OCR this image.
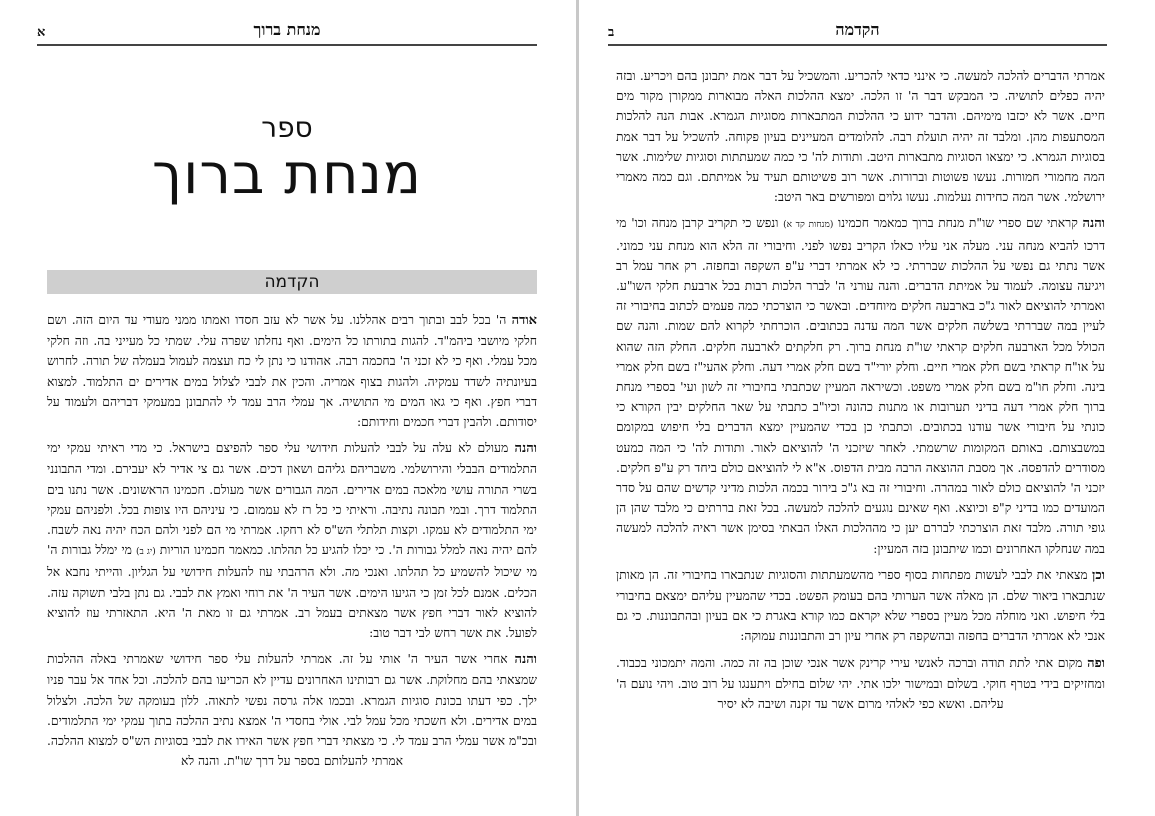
מנחת ברוך
א
ספר
מנחת ברוך
הקדמה

אודה ה' בכל לבב ובתוך רבים אהללנו. על אשר לא עזב חסדו ואמתו ממני מעודי עד היום הזה. ושם חלקי מיושבי ביהמ"ד. להגות בתורתו כל הימים. ואף נחלתו שפרה עלי. שמתי כל מעייני בה. וזה חלקי מכל עמלי. ואף כי לא זכני ה' בחכמה רבה. אהודנו כי נתן לי כח ועצמה לעמול בעמלה של תורה. לחרוש בעיונתיה לשדד עמקיה. ולהגות בצוף אמריה. והכין את לבבי לצלול במים אדירים ים התלמוד. למצוא דברי חפץ. ואף כי גאו המים מי התושיה. אך עמלי הרב עמד לי להתבונן במעמקי דבריהם ולעמוד על יסודותם. ולהבין דברי חכמים וחידותם:

והנה מעולם לא עלה על לבבי להעלות חידושי עלי ספר להפיצם בישראל. כי מדי ראיתי עמקי ימי התלמודים הבבלי והירושלמי. משבריהם גליהם ושאון דכים. אשר גם צי אדיר לא יעבירם. ומדי התבונני בשרי התורה עושי מלאכה במים אדירים. המה הגבורים אשר מעולם. חכמינו הראשונים. אשר נתנו בים התלמוד דרך. ובמי תבונה נתיבה. וראיתי כי כל רז לא עממום. כי עיניהם היו צופות בכל. ולפניהם עמקי ימי התלמודים לא עמקו. וקצות תלתלי הש"ס לא רחקו. אמרתי מי הם לפני ולהם הכח יהיה נאה לשבח. להם יהיה נאה למלל גבורות ה'. כי יכלו להגיע כל תהלתו. כמאמר חכמינו הוריות (יג ב) מי ימלל גבורות ה' מי שיכול להשמיע כל תהלתו. ואנכי מה. ולא הרהבתי עוז להעלות חידושי על הגליון. והייתי נחבא אל הכלים. אמנם לכל זמן כי הגיעו הימים. אשר העיר ה' את רוחי ואמץ את לבבי. גם נתן בלבי תשוקה עזה. להוציא לאור דברי חפץ אשר מצאתים בעמל רב. אמרתי גם זו מאת ה' היא. התאזרתי עוז להוציא לפועל. את אשר רחש לבי דבר טוב:

והנה אחרי אשר העיר ה' אותי על זה. אמרתי להעלות עלי ספר חידושי שאמרתי באלה ההלכות שמצאתי בהם מחלוקת. אשר גם רבותינו האחרונים עדיין לא הכריעו בהם להלכה. וכל אחד אל עבר פניו ילך. כפי דעתו בכונת סוגיות הגמרא. ובכמו אלה גרסה נפשי לתאוה. ללון בעומקה של הלכה. ולצלול במים אדירים. ולא חשכתי מכל עמל לבי. אולי בחסדי ה' אמצא נתיב ההלכה בתוך עמקי ימי התלמודים. ובכ"מ אשר עמלי הרב עמד לי. כי מצאתי דברי חפץ אשר האירו את לבבי בסוגיות הש"ס למצוא ההלכה. אמרתי להעלותם בספר על דרך שו"ת. והנה לא

הקדמה
ב

אמרתי הדברים להלכה למעשה. כי אינני כדאי להכריע. והמשכיל על דבר אמת יתבונן בהם ויכריע. ובזה יהיה כפלים לתושיה. כי המבקש דבר ה' זו הלכה. ימצא ההלכות האלה מבוארות ממקורן מקור מים חיים. אשר לא יכזבו מימיהם. והדבר ידוע כי ההלכות המתבארות מסוגיות הגמרא. אבות הנה להלכות המסתעפות מהן. ומלבד זה יהיה תועלת רבה. להלומדים המעיינים בעיון פקוחה. להשכיל על דבר אמת בסוגיות הגמרא. כי ימצאו הסוגיות מתבארות היטב. ותודות לה' כי כמה שמעתתות וסוגיות שלימות. אשר המה מחמורי חמורות. נעשו פשוטות וברורות. אשר רוב פשיטותם תעיד על אמיתתם. וגם כמה מאמרי ירושלמי. אשר המה כחידות נעלמות. נעשו גלוים ומפורשים באר היטב:

והנה קראתי שם ספרי שו"ת מנחת ברוך כמאמר חכמינו (מנחות קד א) ונפש כי תקריב קרבן מנחה וכו' מי דרכו להביא מנחה עני. מעלה אני עליו כאלו הקריב נפשו לפני. וחיבורי זה הלא הוא מנחת עני כמוני. אשר נתתי גם נפשי על ההלכות שבררתי. כי לא אמרתי דברי ע"פ השקפה ובחפזה. רק אחר עמל רב ויגיעה עצומה. לעמוד על אמיתת הדברים. והנה עורני ה' לברר הלכות רבות בכל ארבעת חלקי השו"ע. ואמרתי להוציאם לאור ג"כ בארבעה חלקים מיוחדים. ובאשר כי הוצרכתי כמה פעמים לכתוב בחיבורי זה לעיין במה שבררתי בשלשה חלקים אשר המה עדנה בכתובים. הוכרחתי לקרוא להם שמות. והנה שם הכולל מכל הארבעה חלקים קראתי שו"ת מנחת ברוך. רק חלקתים לארבעה חלקים. החלק הזה שהוא על או"ח קראתי בשם חלק אמרי חיים. וחלק יורי"ד בשם חלק אמרי דעה. וחלק אהעי"ז בשם חלק אמרי בינה. וחלק חו"מ בשם חלק אמרי משפט. וכשיראה המעיין שכתבתי בחיבורי זה לשון ועי' בספרי מנחת ברוך חלק אמרי דעה בדיני תערובות או מתנות כהונה וכיו"ב כתבתי על שאר החלקים יבין הקורא כי כונתי על חיבורי אשר עודנו בכתובים. וכתבתי כן בכדי שהמעיין ימצא הדברים בלי חיפוש במקומם במשבצותם. באותם המקומות שרשמתי. לאחר שיזכני ה' להוציאם לאור. ותודות לה' כי המה כמעט מסודרים להדפסה. אך מסבת ההוצאה הרבה מבית הדפוס. א"א לי להוציאם כולם ביחד רק ע"פ חלקים. יזכני ה' להוציאם כולם לאור במהרה. וחיבורי זה בא ג"כ בירור בכמה הלכות מדיני קדשים שהם על סדר המועדים כמו בדיני ק"פ וכיוצא. ואף שאינם נוגעים להלכה למעשה. בכל זאת בררתים כי מלבד שהן הן גופי תורה. מלבד זאת הוצרכתי לבררם יען כי מההלכות האלו הבאתי בסימן אשר ראיה להלכה למעשה במה שנחלקו האחרונים וכמו שיתבונן בזה המעיין:

וכן מצאתי את לבבי לעשות מפתחות בסוף ספרי מהשמעתתות והסוגיות שנתבארו בחיבורי זה. הן מאותן שנתבארו ביאור שלם. הן מאלה אשר הערותי בהם בעומק הפשט. בכדי שהמעיין עליהם ימצאם בחיבורי בלי חיפוש. ואני מוחלה מכל מעיין בספרי שלא יקראם כמו קורא באגרת כי אם בעיון ובהתבוננות. כי גם אנכי לא אמרתי הדברים בחפזה ובהשקפה רק אחרי עיון רב והתבוננות עמוקה:

ופה מקום אתי לתת תודה וברכה לאנשי עירי קרינק אשר אנכי שוכן בה זה כמה. והמה יתמכוני בכבוד. ומחזיקים בידי בטרף חוקי. בשלום ובמישור ילכו אתי. יהי שלום בחילם ויתענגו על רוב טוב. ויהי נועם ה' עליהם. ואשא כפי לאלהי מרום אשר עד זקנה ושיבה לא יסיר
